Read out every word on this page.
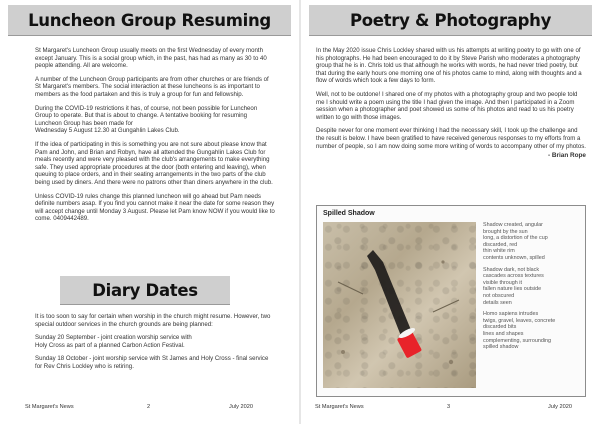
Luncheon Group Resuming

St Margaret's Luncheon Group usually meets on the first Wednesday of every month except January. This is a social group which, in the past, has had as many as 30 to 40 people attending. All are welcome.

A number of the Luncheon Group participants are from other churches or are friends of St Margaret's members. The social interaction at these luncheons is as important to members as the food partaken and this is truly a group for fun and fellowship.

During the COVID-19 restrictions it has, of course, not been possible for Luncheon Group to operate. But that is about to change. A tentative booking for resuming Luncheon Group has been made for
Wednesday 5 August 12.30 at Gungahlin Lakes Club.

If the idea of participating in this is something you are not sure about please know that Pam and John, and Brian and Robyn, have all attended the Gungahlin Lakes Club for meals recently and were very pleased with the club's arrangements to make everything safe. They used appropriate procedures at the door (both entering and leaving), when queuing to place orders, and in their seating arrangements in the two parts of the club being used by diners. And there were no patrons other than diners anywhere in the club.

Unless COVID-19 rules change this planned luncheon will go ahead but Pam needs definite numbers asap. If you find you cannot make it near the date for some reason they will accept change until Monday 3 August. Please let Pam know NOW if you would like to come. 0409442489.

Diary Dates

It is too soon to say for certain when worship in the church might resume. However, two special outdoor services in the church grounds are being planned:

Sunday 20 September - joint creation worship service with
Holy Cross as part of a planned Carbon Action Festival.

Sunday 18 October - joint worship service with St James and Holy Cross - final service for Rev Chris Lockley who is retiring.

St Margaret's News	2	July 2020
Poetry & Photography

In the May 2020 issue Chris Lockley shared with us his attempts at writing poetry to go with one of his photographs. He had been encouraged to do it by Steve Parish who moderates a photography group that he is in. Chris told us that although he works with words, he had never tried poetry, but that during the early hours one morning one of his photos came to mind, along with thoughts and a flow of words which took a few days to form.

Well, not to be outdone! I shared one of my photos with a photography group and two people told me I should write a poem using the title I had given the image. And then I participated in a Zoom session when a photographer and poet showed us some of his photos and read to us his poetry written to go with those images.

Despite never for one moment ever thinking I had the necessary skill, I took up the challenge and the result is below. I have been gratified to have received generous responses to my efforts from a number of people, so I am now doing some more writing of words to accompany other of my photos.

- Brian Rope
Spilled Shadow

Shadow created, angular
brought by the sun
long, a distortion of the cup
discarded, red
thin white rim
contents unknown, spilled

Shadow dark, not black
cascades across textures
visible through it
fallen nature lies outside
not obscured
details seen

Homo sapiens intrudes
twigs, gravel, leaves, concrete
discarded bits
lines and shapes
complementing, surrounding
spilled shadow

St Margaret's News	3	July 2020
